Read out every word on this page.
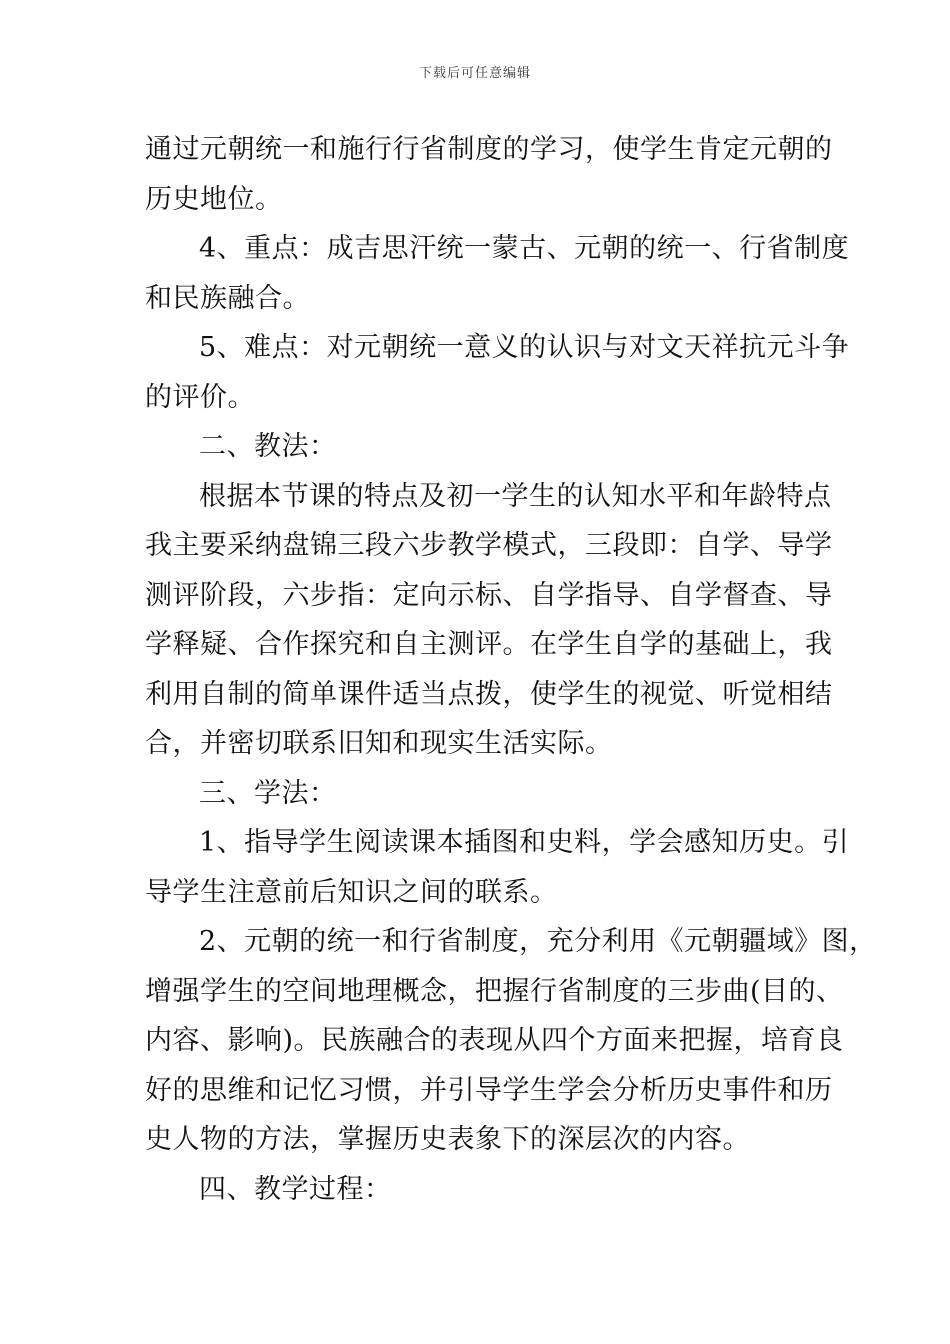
下载后可任意编辑
通过元朝统一和施行行省制度的学习，使学生肯定元朝的
历史地位。
4、重点：成吉思汗统一蒙古、元朝的统一、行省制度
和民族融合。
5、难点：对元朝统一意义的认识与对文天祥抗元斗争
的评价。
二、教法：
根据本节课的特点及初一学生的认知水平和年龄特点
我主要采纳盘锦三段六步教学模式，三段即：自学、导学
测评阶段，六步指：定向示标、自学指导、自学督查、导
学释疑、合作探究和自主测评。在学生自学的基础上，我
利用自制的简单课件适当点拨，使学生的视觉、听觉相结
合，并密切联系旧知和现实生活实际。
三、学法：
1、指导学生阅读课本插图和史料，学会感知历史。引
导学生注意前后知识之间的联系。
2、元朝的统一和行省制度，充分利用《元朝疆域》图，
增强学生的空间地理概念，把握行省制度的三步曲(目的、
内容、影响)。民族融合的表现从四个方面来把握，培育良
好的思维和记忆习惯，并引导学生学会分析历史事件和历
史人物的方法，掌握历史表象下的深层次的内容。
四、教学过程：
